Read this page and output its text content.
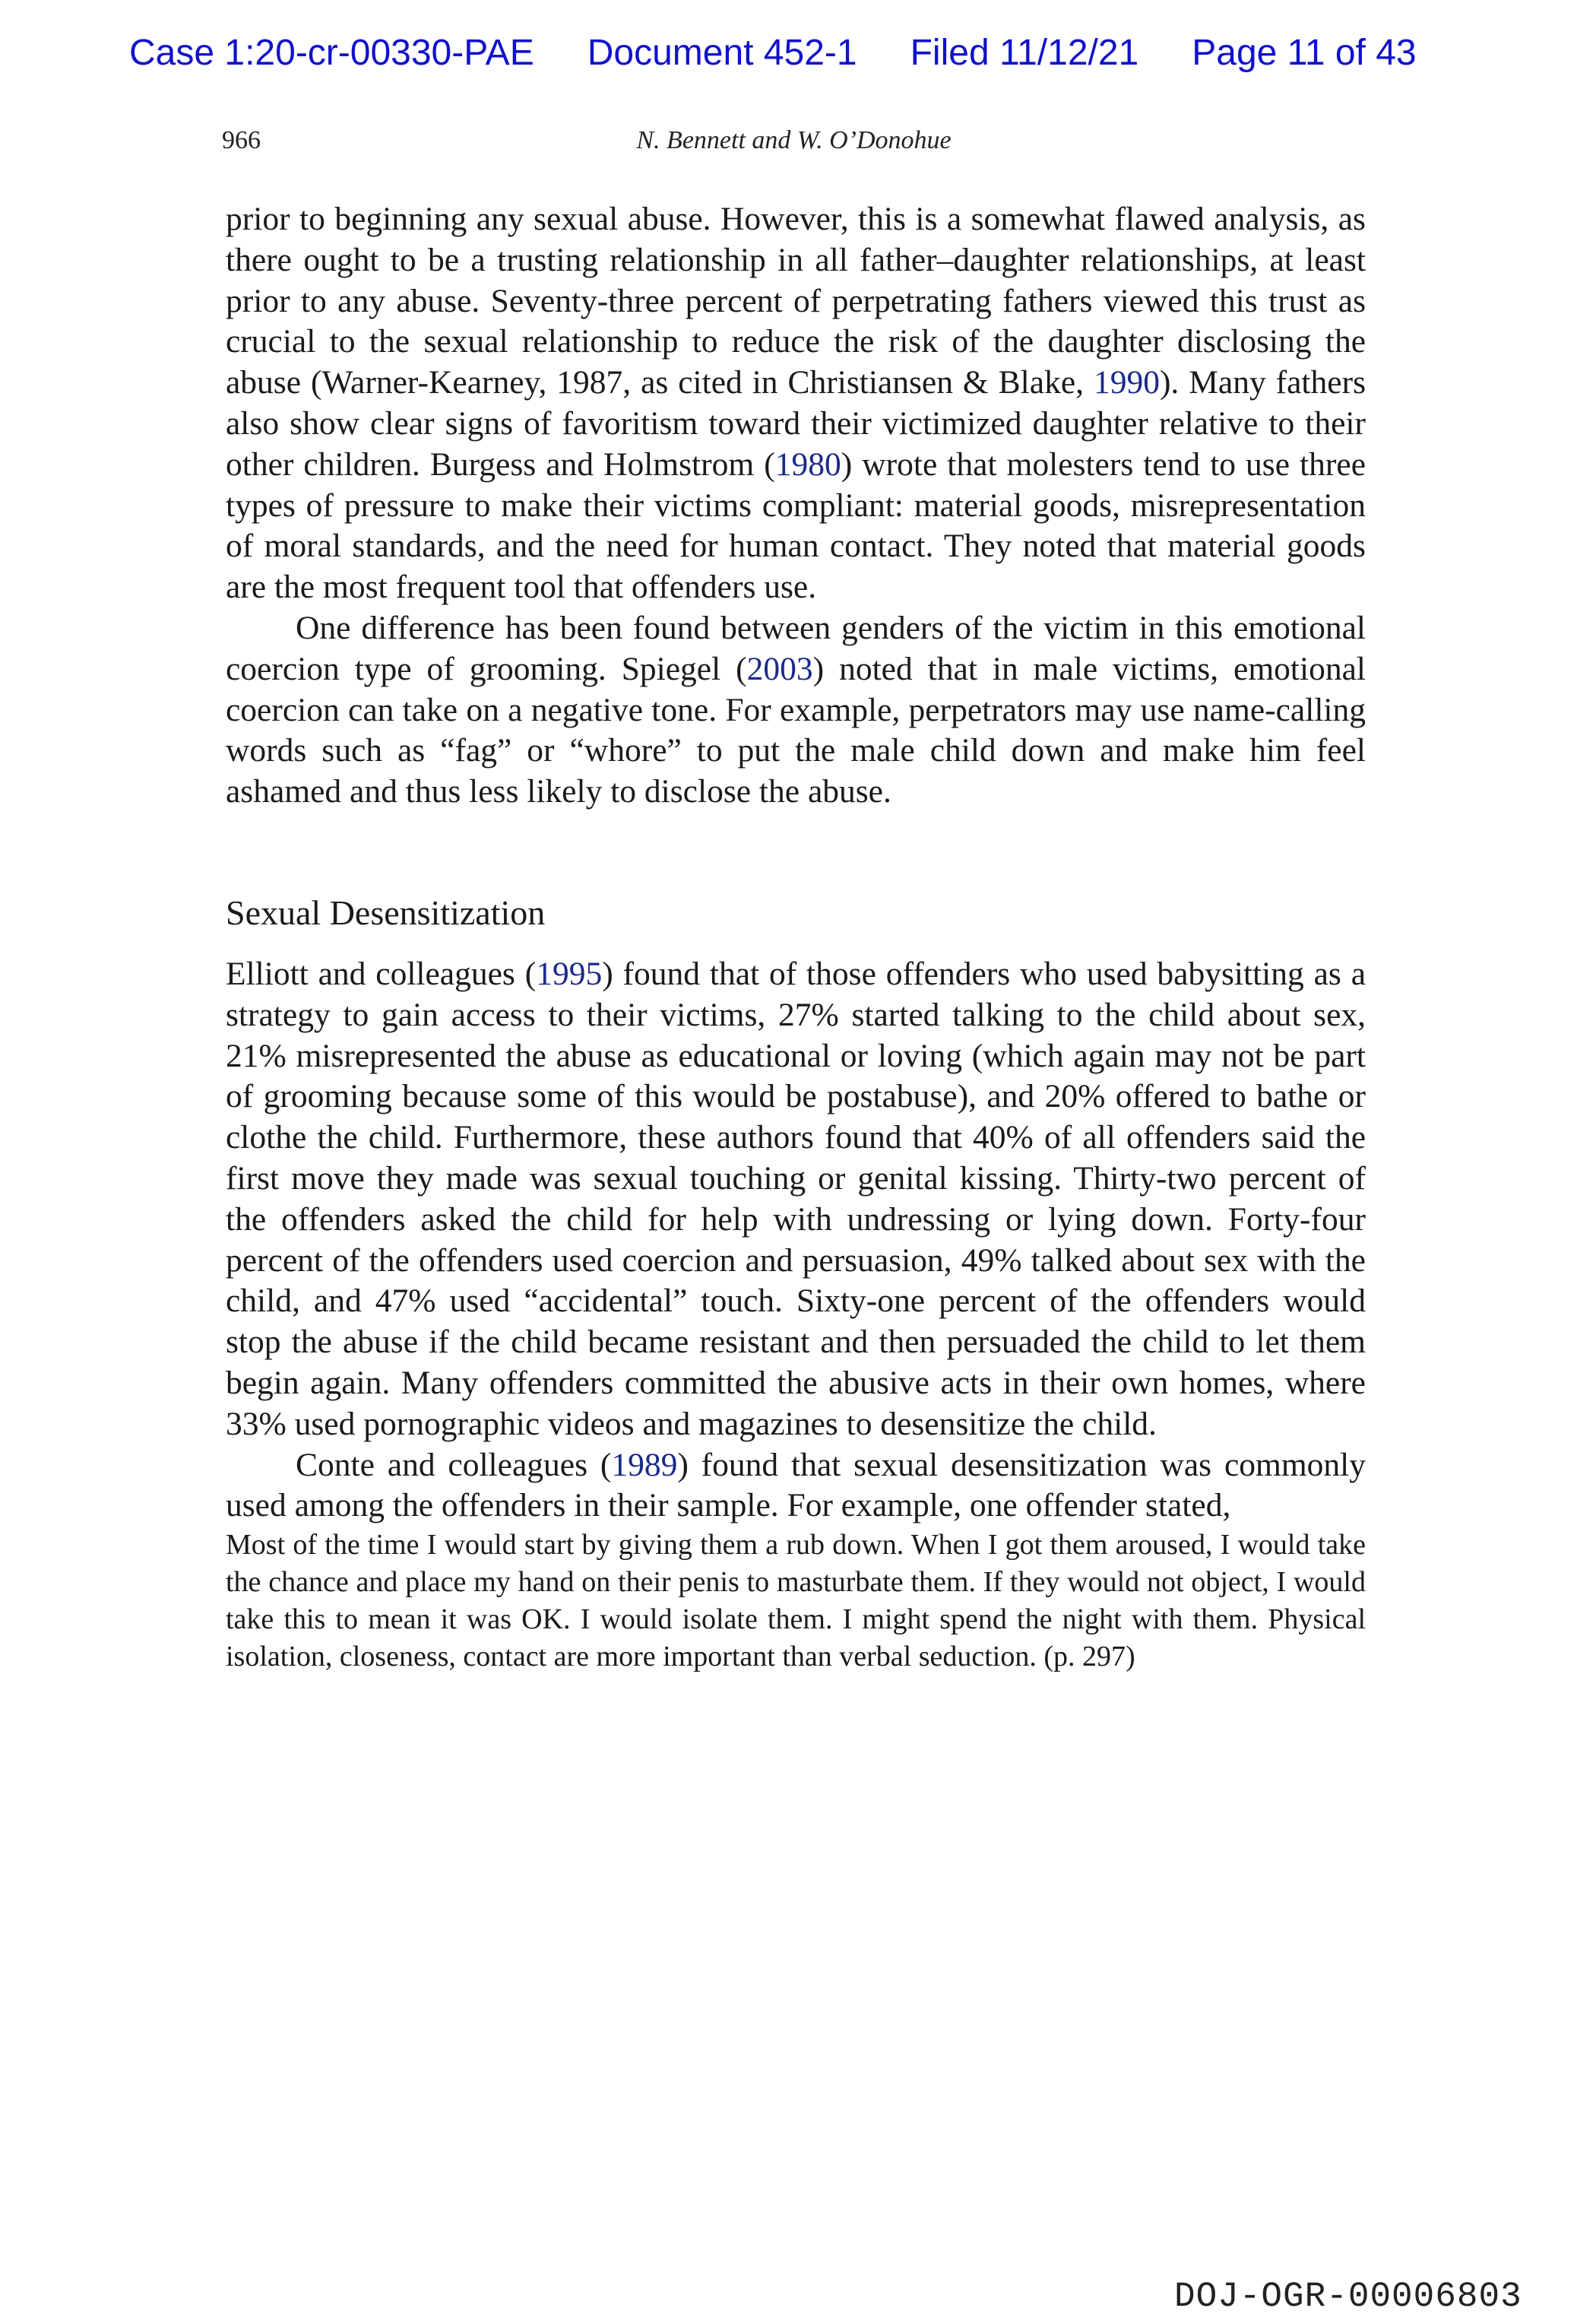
Case 1:20-cr-00330-PAE Document 452-1 Filed 11/12/21 Page 11 of 43
966	N. Bennett and W. O’Donohue

prior to beginning any sexual abuse. However, this is a somewhat flawed analysis, as there ought to be a trusting relationship in all father–daughter relationships, at least prior to any abuse. Seventy-three percent of perpetrating fathers viewed this trust as crucial to the sexual relationship to reduce the risk of the daughter disclosing the abuse (Warner-Kearney, 1987, as cited in Christiansen & Blake, 1990). Many fathers also show clear signs of favoritism toward their victimized daughter relative to their other children. Burgess and Holmstrom (1980) wrote that molesters tend to use three types of pressure to make their victims compliant: material goods, misrepresentation of moral standards, and the need for human contact. They noted that material goods are the most frequent tool that offenders use.

One difference has been found between genders of the victim in this emotional coercion type of grooming. Spiegel (2003) noted that in male victims, emotional coercion can take on a negative tone. For example, perpetrators may use name-calling words such as “fag” or “whore” to put the male child down and make him feel ashamed and thus less likely to disclose the abuse.

Sexual Desensitization

Elliott and colleagues (1995) found that of those offenders who used babysitting as a strategy to gain access to their victims, 27% started talking to the child about sex, 21% misrepresented the abuse as educational or loving (which again may not be part of grooming because some of this would be postabuse), and 20% offered to bathe or clothe the child. Furthermore, these authors found that 40% of all offenders said the first move they made was sexual touching or genital kissing. Thirty-two percent of the offenders asked the child for help with undressing or lying down. Forty-four percent of the offenders used coercion and persuasion, 49% talked about sex with the child, and 47% used “accidental” touch. Sixty-one percent of the offenders would stop the abuse if the child became resistant and then persuaded the child to let them begin again. Many offenders committed the abusive acts in their own homes, where 33% used pornographic videos and magazines to desensitize the child.

Conte and colleagues (1989) found that sexual desensitization was commonly used among the offenders in their sample. For example, one offender stated,

Most of the time I would start by giving them a rub down. When I got them aroused, I would take the chance and place my hand on their penis to masturbate them. If they would not object, I would take this to mean it was OK. I would isolate them. I might spend the night with them. Physical isolation, closeness, contact are more important than verbal seduction. (p. 297)

DOJ-OGR-00006803
